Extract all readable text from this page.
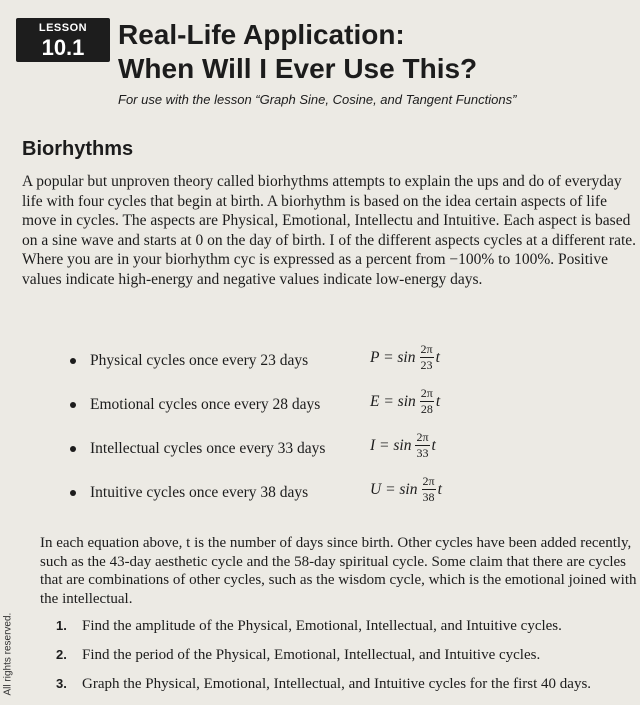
LESSON
10.1	Real-Life Application:
When Will I Ever Use This?
For use with the lesson “Graph Sine, Cosine, and Tangent Functions”
Biorhythms

A popular but unproven theory called biorhythms attempts to explain the ups and do of everyday life with four cycles that begin at birth. A biorhythm is based on the idea certain aspects of life move in cycles. The aspects are Physical, Emotional, Intellectu and Intuitive. Each aspect is based on a sine wave and starts at 0 on the day of birth. I of the different aspects cycles at a different rate. Where you are in your biorhythm cyc is expressed as a percent from −100% to 100%. Positive values indicate high-energy and negative values indicate low-energy days.

Physical cycles once every 23 days	$P = \sin \frac{2\pi}{23}$ t
Emotional cycles once every 28 days	$E = \sin \frac{2\pi}{28}$ t
Intellectual cycles once every 33 days	$I = \sin \frac{2\pi}{33}$ t
Intuitive cycles once every 38 days	$U = \sin \frac{2\pi}{38}$ t

In each equation above, t is the number of days since birth. Other cycles have been added recently, such as the 43-day aesthetic cycle and the 58-day spiritual cycle. Some claim that there are cycles that are combinations of other cycles, such as the wisdom cycle, which is the emotional joined with the intellectual.

1. Find the amplitude of the Physical, Emotional, Intellectual, and Intuitive cycles.
2. Find the period of the Physical, Emotional, Intellectual, and Intuitive cycles.
3. Graph the Physical, Emotional, Intellectual, and Intuitive cycles for the first 40 days.
All rights reserved.
